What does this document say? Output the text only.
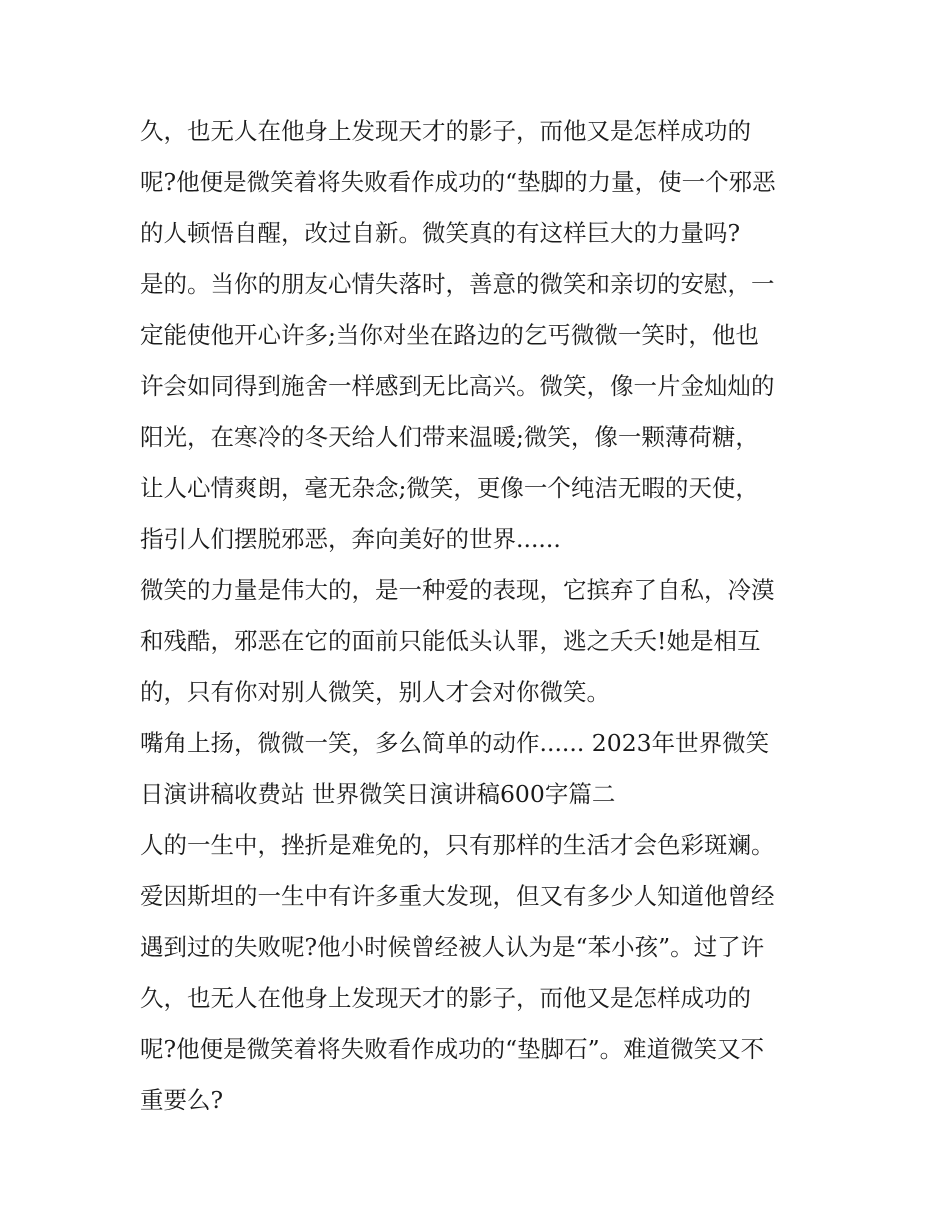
久，也无人在他身上发现天才的影子，而他又是怎样成功的
呢?他便是微笑着将失败看作成功的“垫脚的力量，使一个邪恶
的人顿悟自醒，改过自新。微笑真的有这样巨大的力量吗?
是的。当你的朋友心情失落时，善意的微笑和亲切的安慰，一
定能使他开心许多;当你对坐在路边的乞丐微微一笑时，他也
许会如同得到施舍一样感到无比高兴。微笑，像一片金灿灿的
阳光，在寒冷的冬天给人们带来温暖;微笑，像一颗薄荷糖，
让人心情爽朗，毫无杂念;微笑，更像一个纯洁无暇的天使，
指引人们摆脱邪恶，奔向美好的世界......
微笑的力量是伟大的，是一种爱的表现，它摈弃了自私，冷漠
和残酷，邪恶在它的面前只能低头认罪，逃之夭夭!她是相互
的，只有你对别人微笑，别人才会对你微笑。
嘴角上扬，微微一笑，多么简单的动作...... 2023年世界微笑
日演讲稿收费站 世界微笑日演讲稿600字篇二
人的一生中，挫折是难免的，只有那样的生活才会色彩斑斓。
爱因斯坦的一生中有许多重大发现，但又有多少人知道他曾经
遇到过的失败呢?他小时候曾经被人认为是“苯小孩”。过了许
久，也无人在他身上发现天才的影子，而他又是怎样成功的
呢?他便是微笑着将失败看作成功的“垫脚石”。难道微笑又不
重要么?
